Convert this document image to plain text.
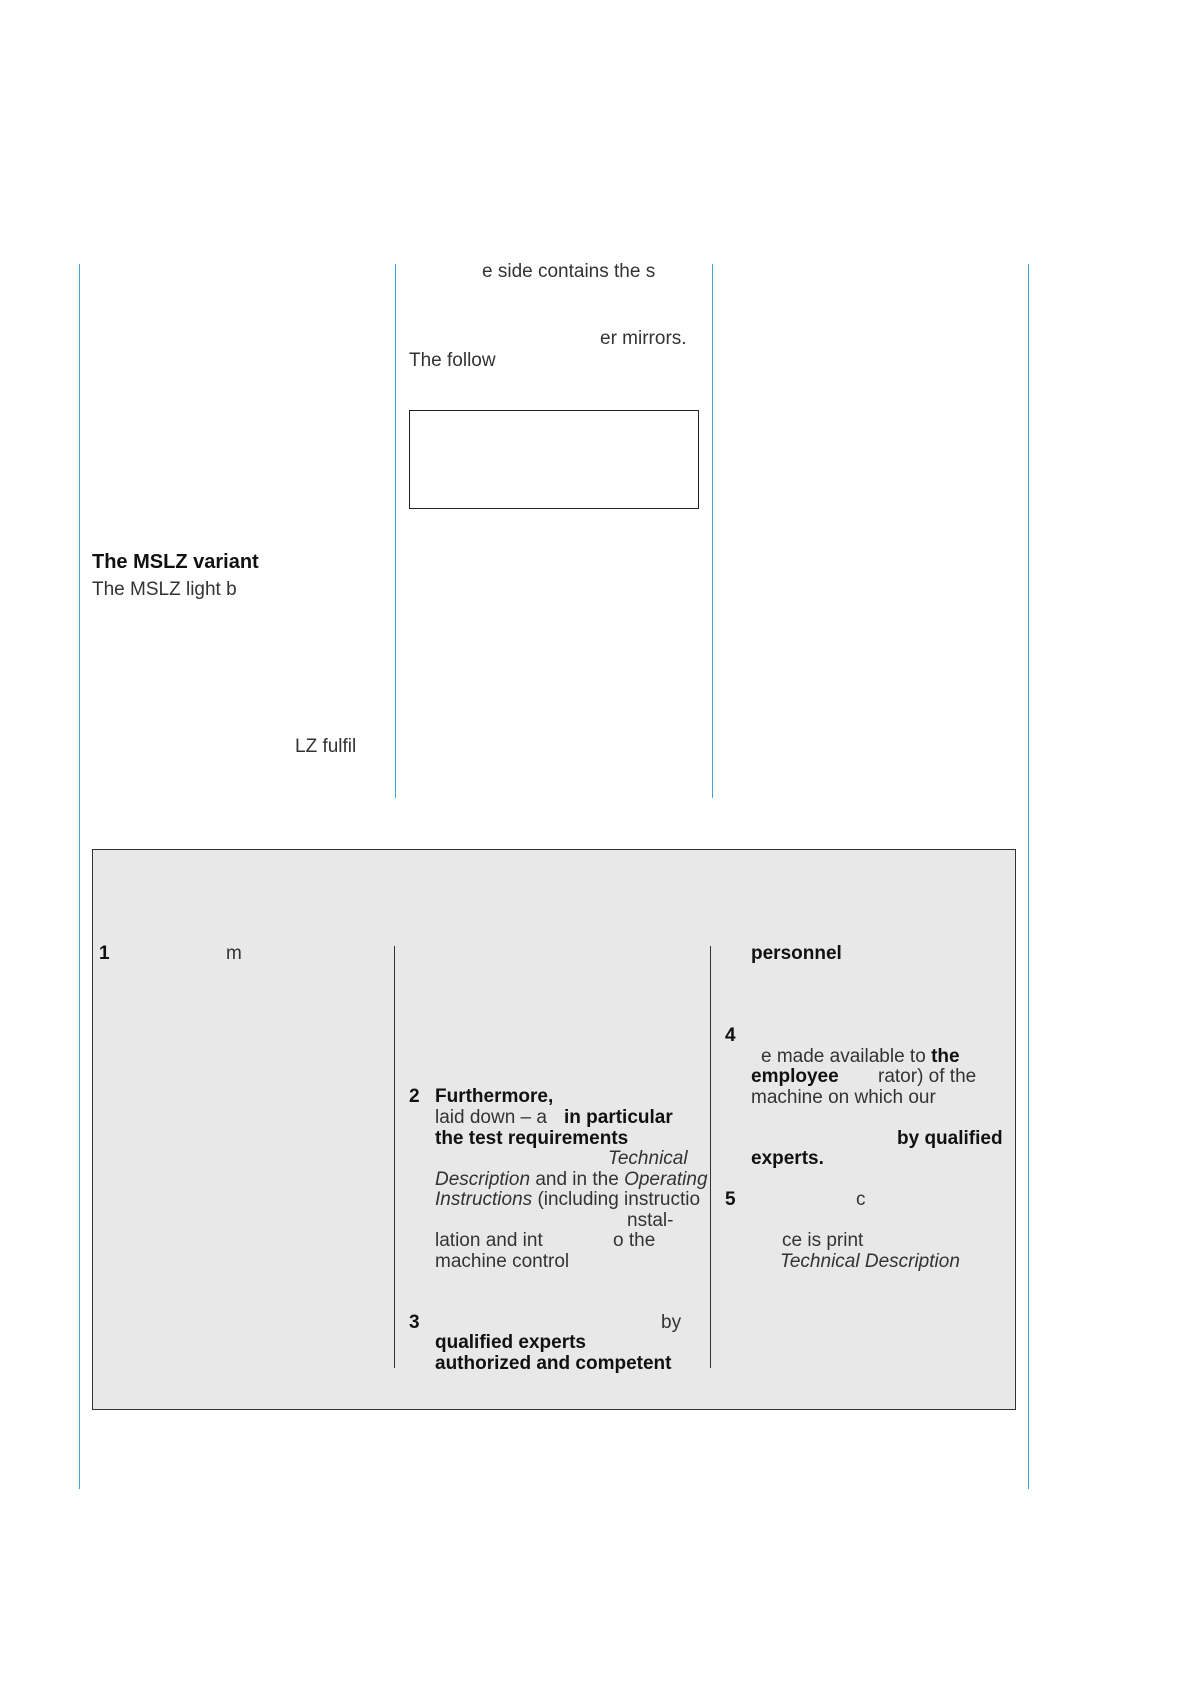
The MSLZ variant
The MSLZ light b
LZ fulfil
e side contains the s
er mirrors.
The follow
1	m
2 Furthermore,
laid down – a in particular
the test requirements
Technical
Description and in the Operating
Instructions (including instructio
nstal-
lation and int	o the
machine control
3	by
qualified experts
authorized and competent
personnel
4
e made available to the
employee rator) of the
machine on which our
by qualified
experts.
5	c
ce is print
Technical Description
